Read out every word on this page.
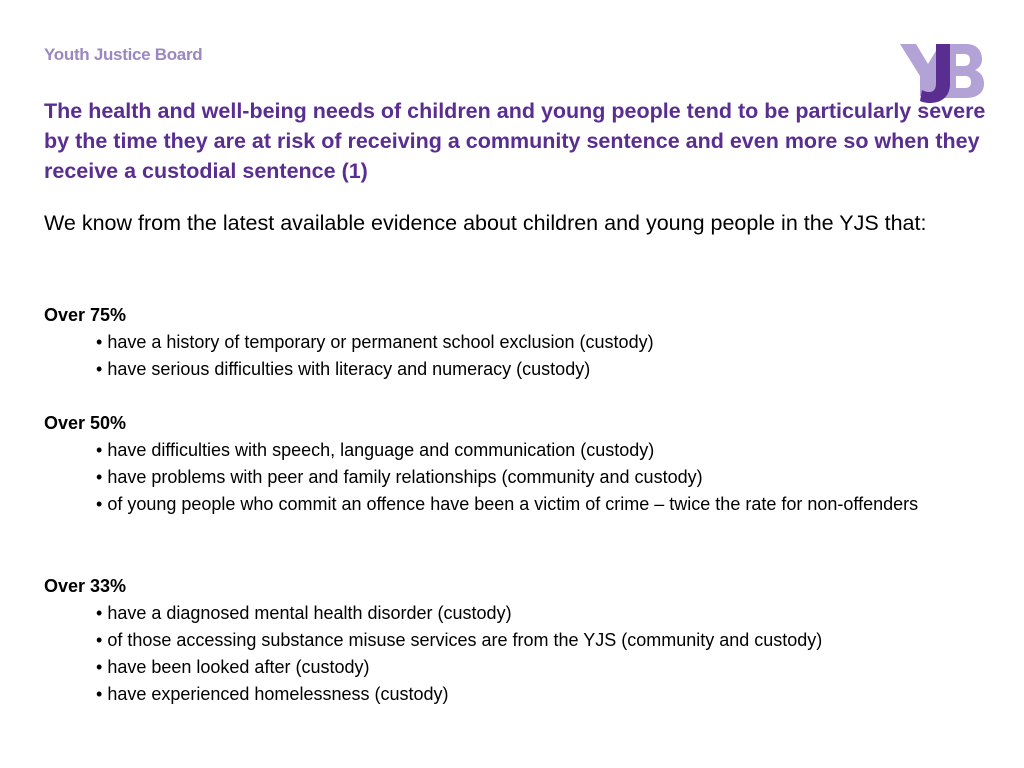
Youth Justice Board
The health and well-being needs of children and young people tend to be particularly severe by the time they are at risk of receiving a community sentence and even more so when they receive a custodial sentence (1)
We know from the latest available evidence about children and young people in the YJS that:
Over 75%
• have a history of temporary or permanent school exclusion (custody)
• have serious difficulties with literacy and numeracy (custody)
Over 50%
• have difficulties with speech, language and communication (custody)
• have problems with peer and family relationships (community and custody)
• of young people who commit an offence have been a victim of crime – twice the rate for non-offenders
Over 33%
• have a diagnosed mental health disorder (custody)
• of those accessing substance misuse services are from the YJS (community and custody)
• have been looked after (custody)
• have experienced homelessness (custody)
